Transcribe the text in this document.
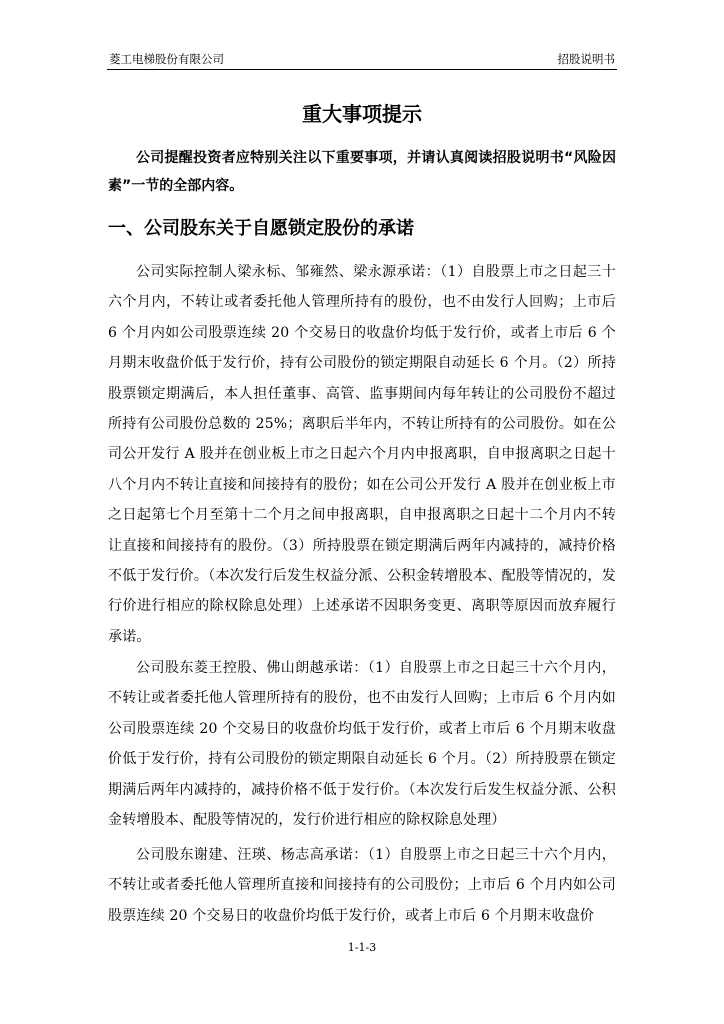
菱工电梯股份有限公司	招股说明书
重大事项提示

公司提醒投资者应特别关注以下重要事项，并请认真阅读招股说明书“风险因素”一节的全部内容。

一、公司股东关于自愿锁定股份的承诺

公司实际控制人梁永标、邹雍然、梁永源承诺：（1）自股票上市之日起三十六个月内，不转让或者委托他人管理所持有的股份，也不由发行人回购；上市后 6 个月内如公司股票连续 20 个交易日的收盘价均低于发行价，或者上市后 6 个月期末收盘价低于发行价，持有公司股份的锁定期限自动延长 6 个月。（2）所持股票锁定期满后，本人担任董事、高管、监事期间内每年转让的公司股份不超过所持有公司股份总数的 25%；离职后半年内，不转让所持有的公司股份。如在公司公开发行 A 股并在创业板上市之日起六个月内申报离职，自申报离职之日起十八个月内不转让直接和间接持有的股份；如在公司公开发行 A 股并在创业板上市之日起第七个月至第十二个月之间申报离职，自申报离职之日起十二个月内不转让直接和间接持有的股份。（3）所持股票在锁定期满后两年内减持的，减持价格不低于发行价。（本次发行后发生权益分派、公积金转增股本、配股等情况的，发行价进行相应的除权除息处理）上述承诺不因职务变更、离职等原因而放弃履行承诺。

公司股东菱王控股、佛山朗越承诺：（1）自股票上市之日起三十六个月内，不转让或者委托他人管理所持有的股份，也不由发行人回购；上市后 6 个月内如公司股票连续 20 个交易日的收盘价均低于发行价，或者上市后 6 个月期末收盘价低于发行价，持有公司股份的锁定期限自动延长 6 个月。（2）所持股票在锁定期满后两年内减持的，减持价格不低于发行价。（本次发行后发生权益分派、公积金转增股本、配股等情况的，发行价进行相应的除权除息处理）

公司股东谢建、汪瑛、杨志高承诺：（1）自股票上市之日起三十六个月内，不转让或者委托他人管理所直接和间接持有的公司股份；上市后 6 个月内如公司股票连续 20 个交易日的收盘价均低于发行价，或者上市后 6 个月期末收盘价

1-1-3
